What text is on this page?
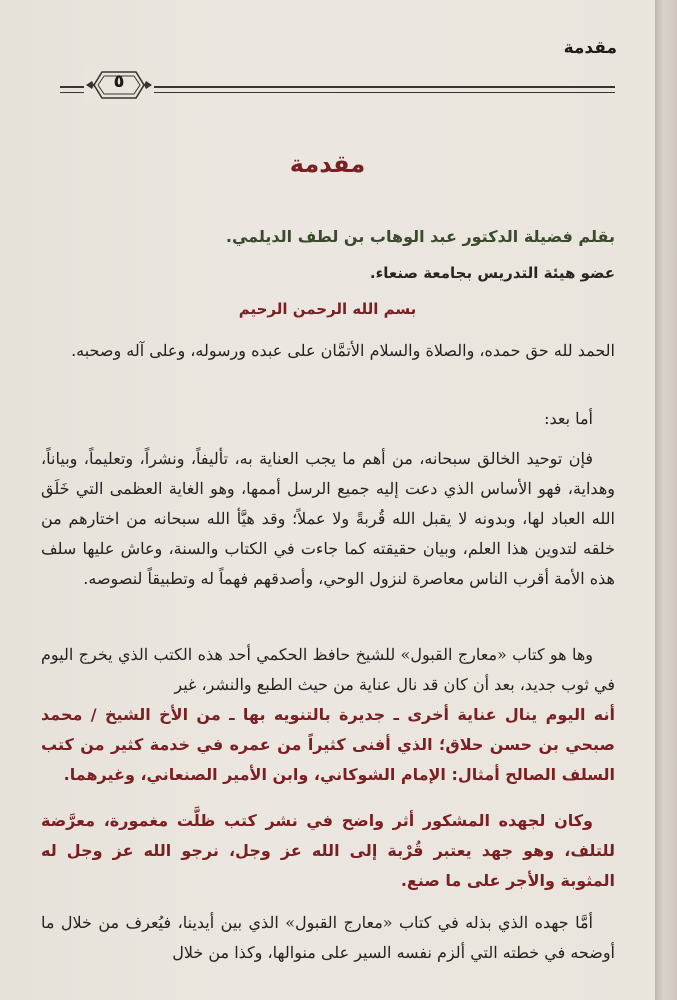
مقدمة
٥
مقدمة
بقلم فضيلة الدكتور عبد الوهاب بن لطف الديلمي.
عضو هيئة التدريس بجامعة صنعاء.
بسم الله الرحمن الرحيم
الحمد لله حق حمده، والصلاة والسلام الأتمَّان على عبده ورسوله، وعلى آله وصحبه.
أما بعد:
فإن توحيد الخالق سبحانه، من أهم ما يجب العناية به، تأليفاً، ونشراً، وتعليماً، وبياناً، وهداية، فهو الأساس الذي دعت إليه جميع الرسل أممها، وهو الغاية العظمى التي خَلَق الله العباد لها، وبدونه لا يقبل الله قُربةً ولا عملاً؛ وقد هيَّأ الله سبحانه من اختارهم من خلقه لتدوين هذا العلم، وبيان حقيقته كما جاءت في الكتاب والسنة، وعاش عليها سلف هذه الأمة أقرب الناس معاصرة لنزول الوحي، وأصدقهم فهماً له وتطبيقاً لنصوصه.
وها هو كتاب «معارج القبول» للشيخ حافظ الحكمي أحد هذه الكتب الذي يخرج اليوم في ثوب جديد، بعد أن كان قد نال عناية من حيث الطبع والنشر، غير
أنه اليوم ينال عناية أخرى ـ جديرة بالتنويه بها ـ من الأخ الشيخ / محمد صبحي بن حسن حلاق؛ الذي أفنى كثيراً من عمره في خدمة كثير من كتب السلف الصالح أمثال: الإمام الشوكاني، وابن الأمير الصنعاني، وغيرهما.
وكان لجهده المشكور أثر واضح في نشر كتب ظلَّت مغمورة، معرَّضة للتلف، وهو جهد يعتبر قُرْبة إلى الله عز وجل، نرجو الله عز وجل له المثوبة والأجر على ما صنع.
أمَّا جهده الذي بذله في كتاب «معارج القبول» الذي بين أيدينا، فيُعرف من خلال ما أوضحه في خطته التي ألزم نفسه السير على منوالها، وكذا من خلال
